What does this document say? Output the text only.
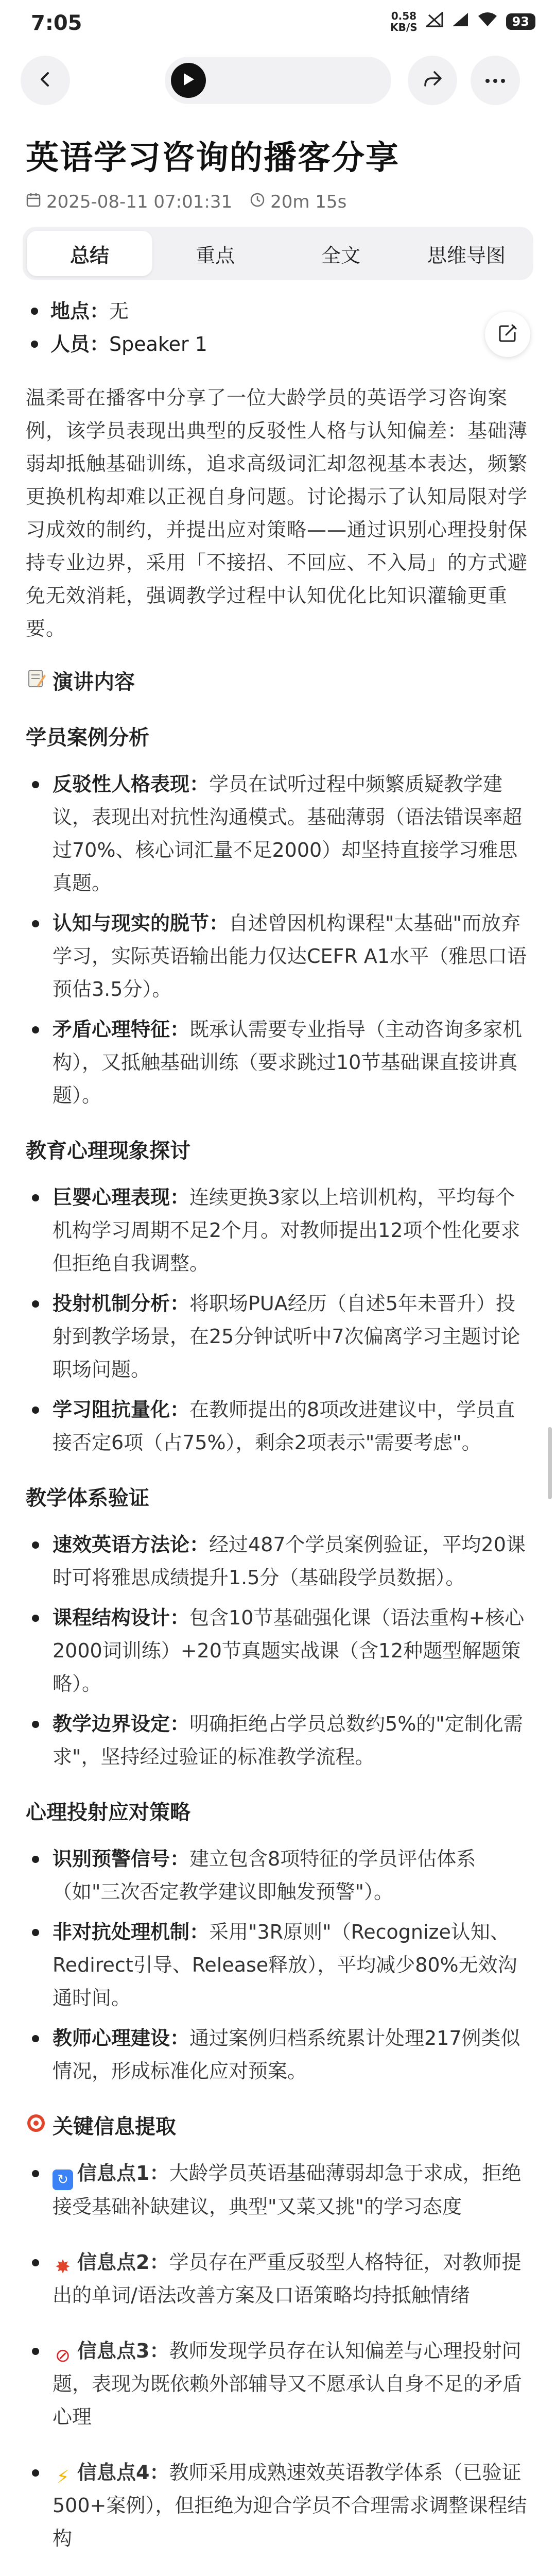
7:05	0.58
KB/S	93
英语学习咨询的播客分享
2025-08-11 07:01:31 20m 15s
总结	重点	全文	思维导图
地点： 无
人员： Speaker 1
温柔哥在播客中分享了一位大龄学员的英语学习咨询案例，该学员表现出典型的反驳性人格与认知偏差：基础薄弱却抵触基础训练，追求高级词汇却忽视基本表达，频繁更换机构却难以正视自身问题。讨论揭示了认知局限对学习成效的制约，并提出应对策略——通过识别心理投射保持专业边界，采用「不接招、不回应、不入局」的方式避免无效消耗，强调教学过程中认知优化比知识灌输更重要。
演讲内容
学员案例分析
反驳性人格表现：学员在试听过程中频繁质疑教学建议，表现出对抗性沟通模式。基础薄弱（语法错误率超过70%、核心词汇量不足2000）却坚持直接学习雅思真题。
认知与现实的脱节：自述曾因机构课程"太基础"而放弃学习，实际英语输出能力仅达CEFR A1水平（雅思口语预估3.5分）。
矛盾心理特征：既承认需要专业指导（主动咨询多家机构），又抵触基础训练（要求跳过10节基础课直接讲真题）。
教育心理现象探讨
巨婴心理表现：连续更换3家以上培训机构，平均每个机构学习周期不足2个月。对教师提出12项个性化要求但拒绝自我调整。
投射机制分析：将职场PUA经历（自述5年未晋升）投射到教学场景，在25分钟试听中7次偏离学习主题讨论职场问题。
学习阻抗量化：在教师提出的8项改进建议中，学员直接否定6项（占75%），剩余2项表示"需要考虑"。
教学体系验证
速效英语方法论：经过487个学员案例验证，平均20课时可将雅思成绩提升1.5分（基础段学员数据）。
课程结构设计：包含10节基础强化课（语法重构+核心2000词训练）+20节真题实战课（含12种题型解题策略）。
教学边界设定：明确拒绝占学员总数约5%的"定制化需求"，坚持经过验证的标准教学流程。
心理投射应对策略
识别预警信号：建立包含8项特征的学员评估体系（如"三次否定教学建议即触发预警"）。
非对抗处理机制：采用"3R原则"（Recognize认知、Redirect引导、Release释放），平均减少80%无效沟通时间。
教师心理建设：通过案例归档系统累计处理217例类似情况，形成标准化应对预案。
关键信息提取
↻ 信息点1：大龄学员英语基础薄弱却急于求成，拒绝接受基础补缺建议，典型"又菜又挑"的学习态度
✸ 信息点2：学员存在严重反驳型人格特征，对教师提出的单词/语法改善方案及口语策略均持抵触情绪
⊘ 信息点3：教师发现学员存在认知偏差与心理投射问题，表现为既依赖外部辅导又不愿承认自身不足的矛盾心理
⚡ 信息点4：教师采用成熟速效英语教学体系（已验证500+案例），但拒绝为迎合学员不合理需求调整课程结构
